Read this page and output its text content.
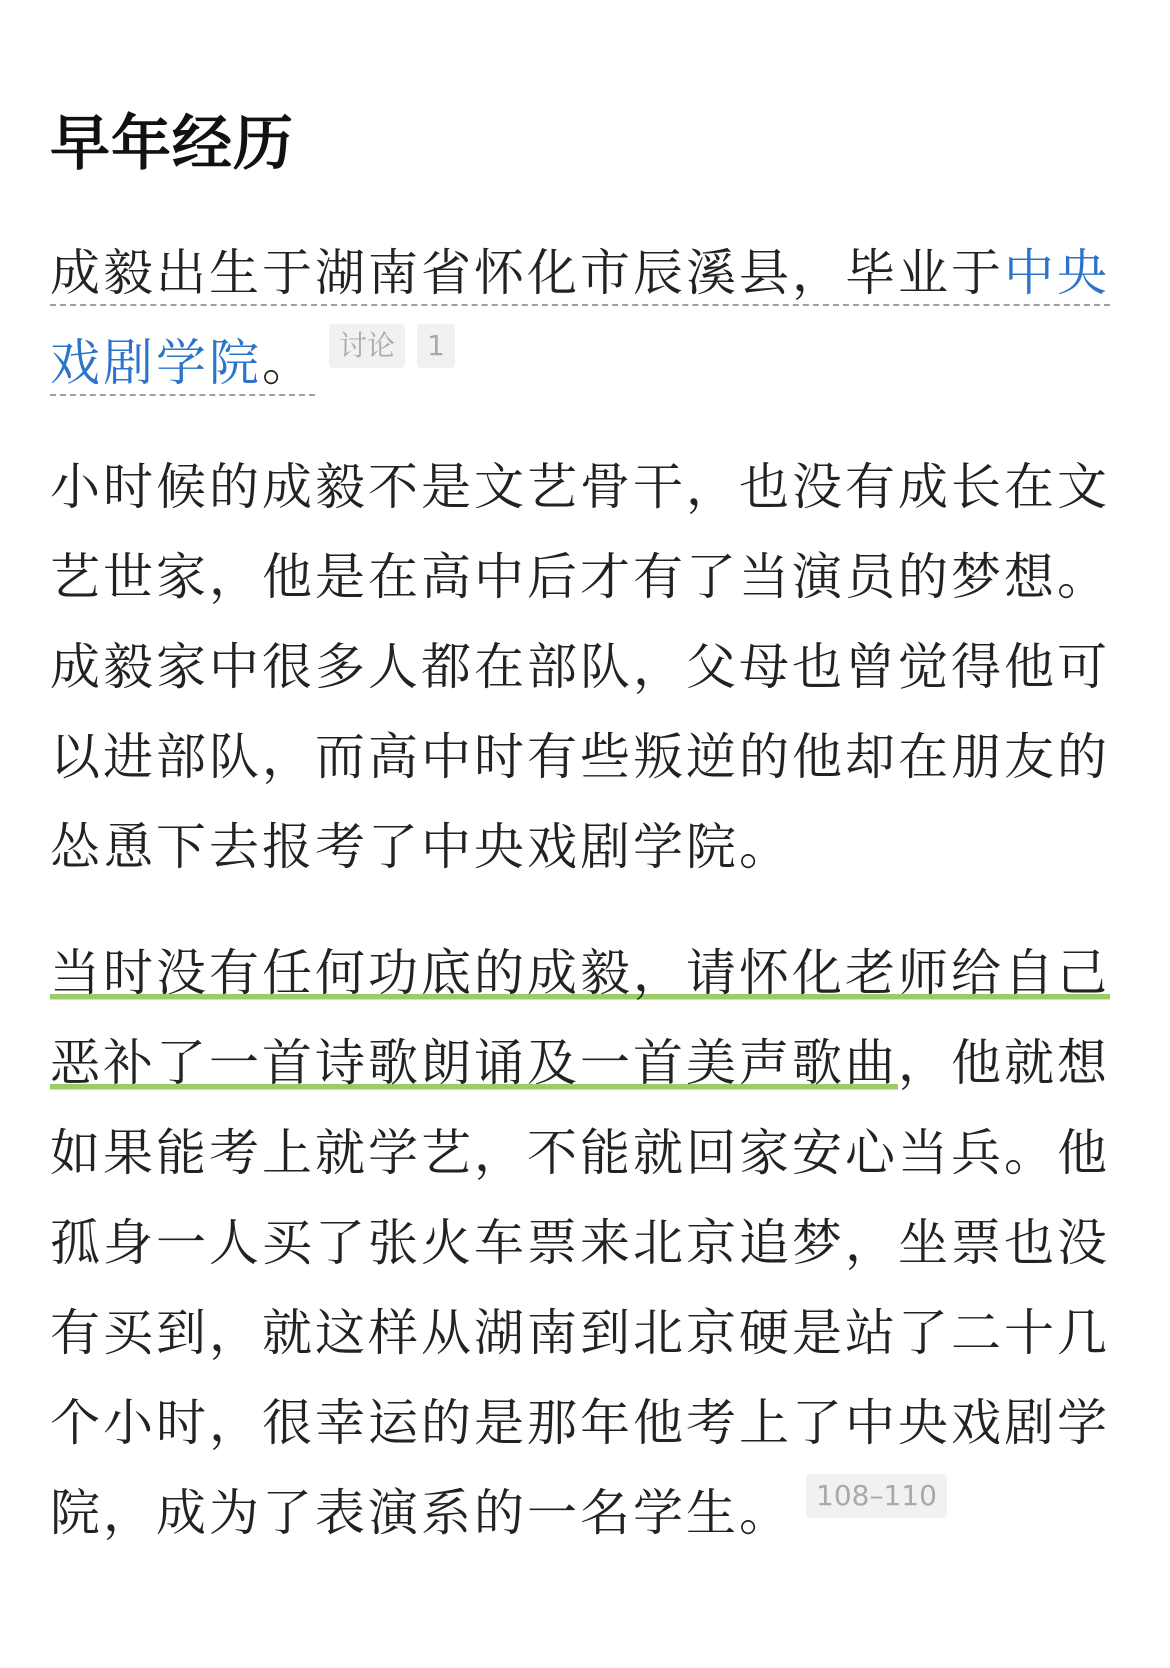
早年经历

成毅出生于湖南省怀化市辰溪县，毕业于中央戏剧学院。 讨论 1

小时候的成毅不是文艺骨干，也没有成长在文艺世家，他是在高中后才有了当演员的梦想。成毅家中很多人都在部队，父母也曾觉得他可以进部队，而高中时有些叛逆的他却在朋友的怂恿下去报考了中央戏剧学院。

当时没有任何功底的成毅，请怀化老师给自己恶补了一首诗歌朗诵及一首美声歌曲，他就想如果能考上就学艺，不能就回家安心当兵。他孤身一人买了张火车票来北京追梦，坐票也没有买到，就这样从湖南到北京硬是站了二十几个小时，很幸运的是那年他考上了中央戏剧学院，成为了表演系的一名学生。 108–110
